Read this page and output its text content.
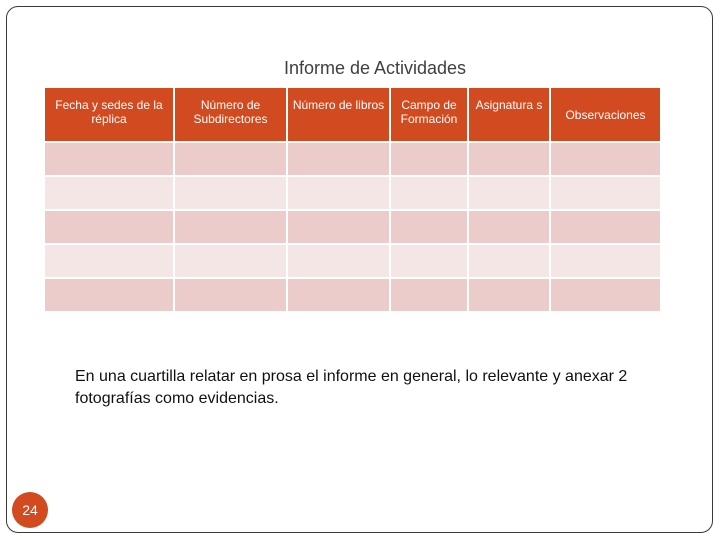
Informe de Actividades
Fecha y sedes de la réplica	Número de Subdirectores	Número de libros	Campo de Formación	Asignatura s	Observaciones

En una cuartilla relatar en prosa el informe en general, lo relevante y anexar 2 fotografías como evidencias.
24
